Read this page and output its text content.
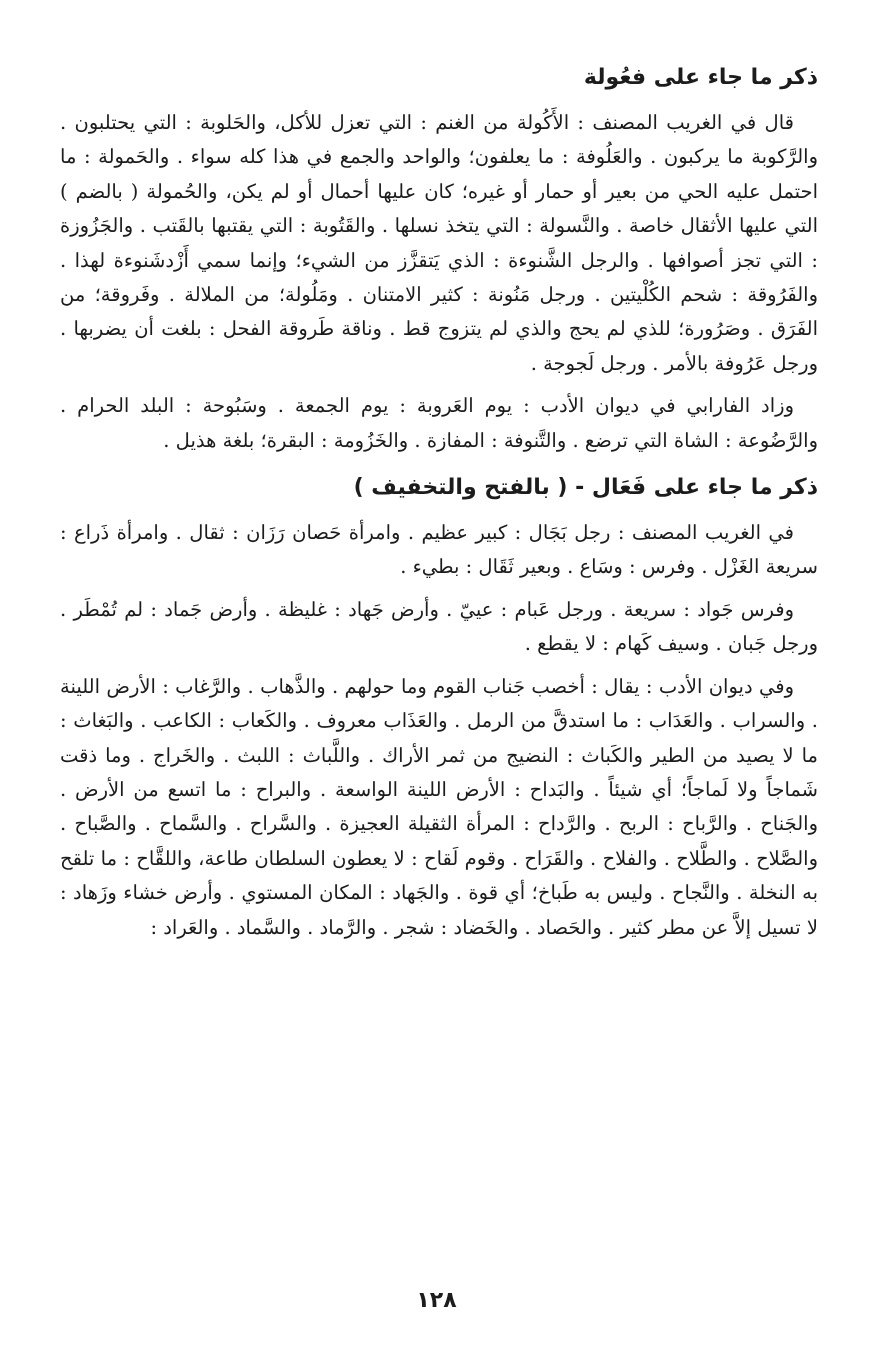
ذكر ما جاء على فعُولة

قال في الغريب المصنف : الأَكُولة من الغنم : التي تعزل للأكل، والحَلوبة : التي يحتلبون . والرَّكوبة ما يركبون . والعَلُوفة : ما يعلفون؛ والواحد والجمع في هذا كله سواء . والحَمولة : ما احتمل عليه الحي من بعير أو حمار أو غيره؛ كان عليها أحمال أو لم يكن، والحُمولة ( بالضم ) التي عليها الأثقال خاصة . والنَّسولة : التي يتخذ نسلها . والقَتُوبة : التي يقتبها بالقَتب . والجَزُوزة : التي تجز أصوافها . والرجل الشَّنوءة : الذي يَتقزَّز من الشيء؛ وإنما سمي أَزْدشَنوءة لهذا . والفَرُوقة : شحم الكُلْيتين . ورجل مَنُونة : كثير الامتنان . ومَلُولة؛ من الملالة . وفَروقة؛ من الفَرَق . وصَرُورة؛ للذي لم يحج والذي لم يتزوج قط . وناقة طَروقة الفحل : بلغت أن يضربها . ورجل عَرُوفة بالأمر . ورجل لَجوجة .

وزاد الفارابي في ديوان الأدب : يوم العَروبة : يوم الجمعة . وسَبُوحة : البلد الحرام . والرَّضُوعة : الشاة التي ترضع . والتَّنوفة : المفازة . والخَزُومة : البقرة؛ بلغة هذيل .

ذكر ما جاء على فَعَال - ( بالفتح والتخفيف )

في الغريب المصنف : رجل بَجَال : كبير عظيم . وامرأة حَصان رَزَان : ثقال . وامرأة ذَراع : سريعة الغَزْل . وفرس : وسَاع . وبعير ثَقَال : بطيء .

وفرس جَواد : سريعة . ورجل عَبام : عييّ . وأرض جَهاد : غليظة . وأرض جَماد : لم تُمْطَر . ورجل جَبان . وسيف كَهام : لا يقطع .

وفي ديوان الأدب : يقال : أخصب جَناب القوم وما حولهم . والذَّهاب . والرَّغاب : الأرض اللينة . والسراب . والعَدَاب : ما استدقَّ من الرمل . والعَذَاب معروف . والكَعاب : الكاعب . والبَغاث : ما لا يصيد من الطير والكَباث : النضيج من ثمر الأراك . واللَّباث : اللبث . والخَراج . وما ذقت شَماجاً ولا لَماجاً؛ أي شيئاً . والبَداح : الأرض اللينة الواسعة . والبراح : ما اتسع من الأرض . والجَناح . والرَّباح : الربح . والرَّداح : المرأة الثقيلة العجيزة . والسَّراح . والسَّماح . والصَّباح . والصَّلاح . والطَّلاح . والفلاح . والقَرَاح . وقوم لَقاح : لا يعطون السلطان طاعة، واللقَّاح : ما تلقح به النخلة . والنَّجاح . وليس به طَباخ؛ أي قوة . والجَهاد : المكان المستوي . وأرض خشاء وزَهاد : لا تسيل إلاَّ عن مطر كثير . والحَصاد . والخَضاد : شجر . والرَّماد . والسَّماد . والعَراد :

١٢٨
